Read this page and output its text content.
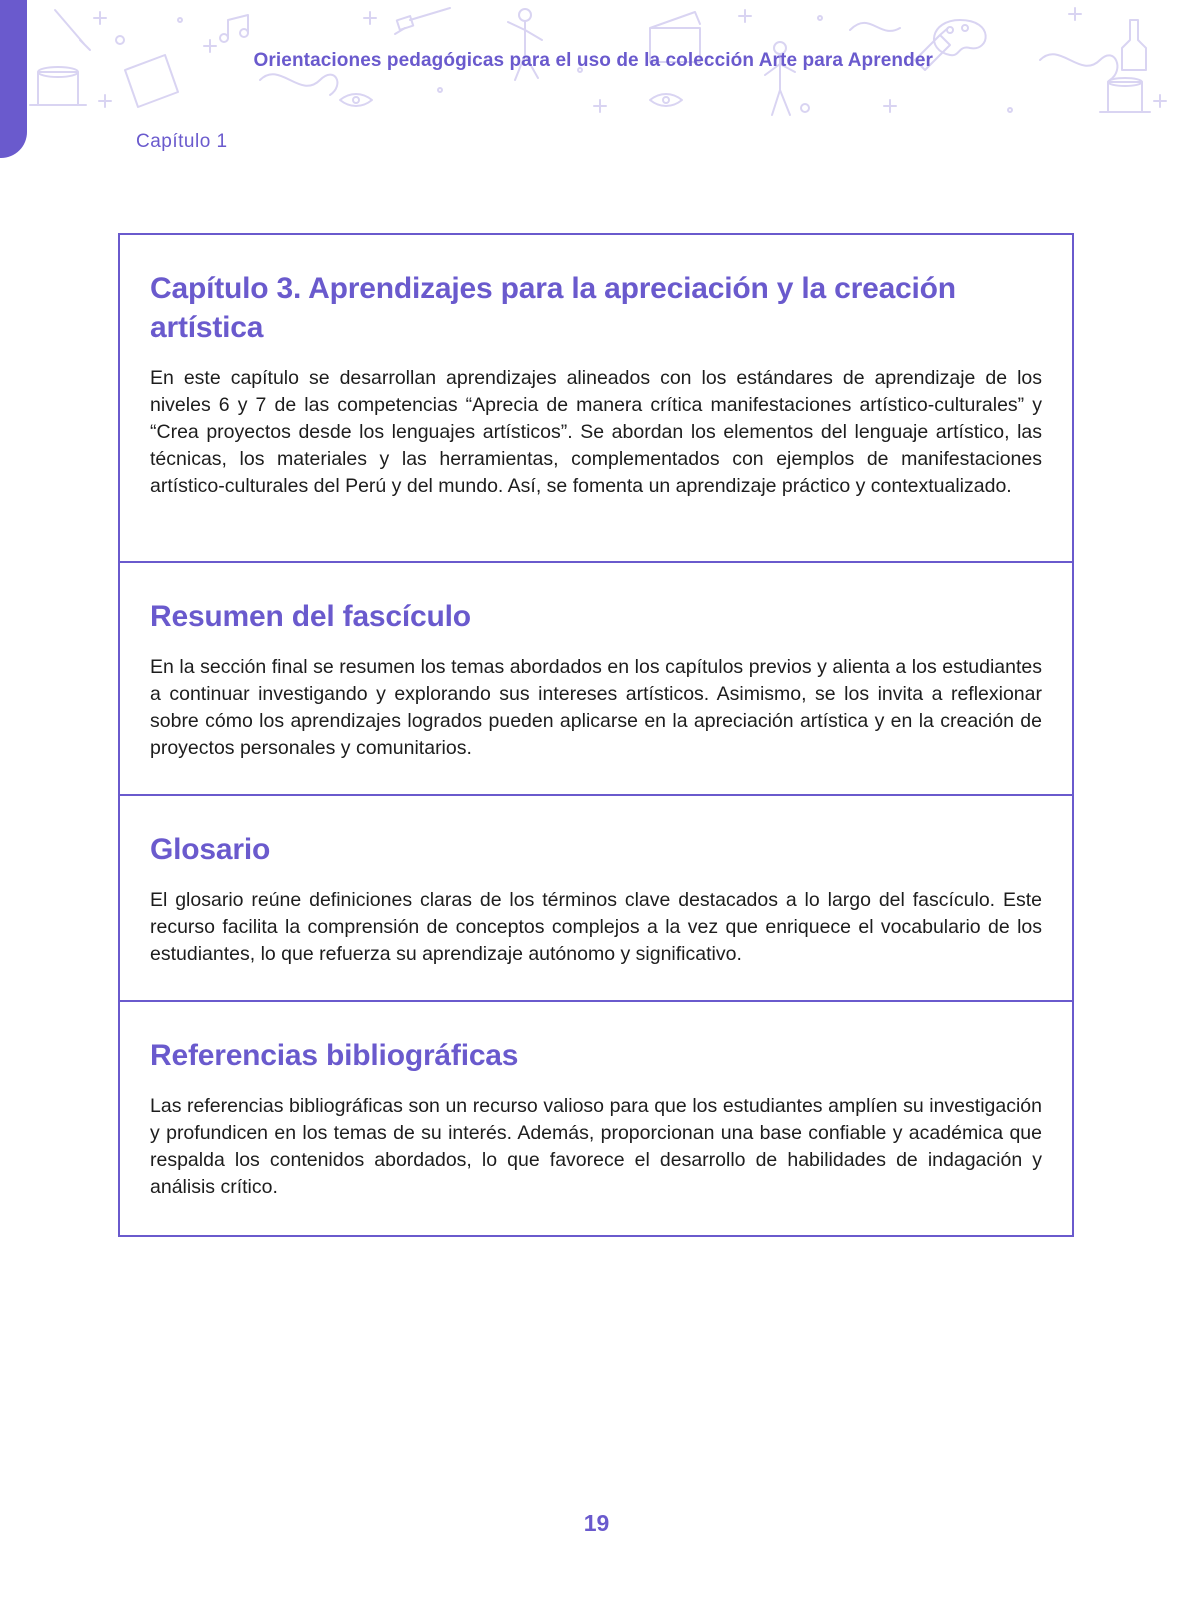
Orientaciones pedagógicas para el uso de la colección Arte para Aprender
Capítulo 1
Capítulo 3. Aprendizajes para la apreciación y la creación artística

En este capítulo se desarrollan aprendizajes alineados con los estándares de aprendizaje de los niveles 6 y 7 de las competencias “Aprecia de manera crítica manifestaciones artístico-culturales” y “Crea proyectos desde los lenguajes artísticos”. Se abordan los elementos del lenguaje artístico, las técnicas, los materiales y las herramientas, complementados con ejemplos de manifestaciones artístico-culturales del Perú y del mundo. Así, se fomenta un aprendizaje práctico y contextualizado.

Resumen del fascículo

En la sección final se resumen los temas abordados en los capítulos previos y alienta a los estudiantes a continuar investigando y explorando sus intereses artísticos. Asimismo, se los invita a reflexionar sobre cómo los aprendizajes logrados pueden aplicarse en la apreciación artística y en la creación de proyectos personales y comunitarios.

Glosario

El glosario reúne definiciones claras de los términos clave destacados a lo largo del fascículo. Este recurso facilita la comprensión de conceptos complejos a la vez que enriquece el vocabulario de los estudiantes, lo que refuerza su aprendizaje autónomo y significativo.

Referencias bibliográficas

Las referencias bibliográficas son un recurso valioso para que los estudiantes amplíen su investigación y profundicen en los temas de su interés. Además, proporcionan una base confiable y académica que respalda los contenidos abordados, lo que favorece el desarrollo de habilidades de indagación y análisis crítico.

19
